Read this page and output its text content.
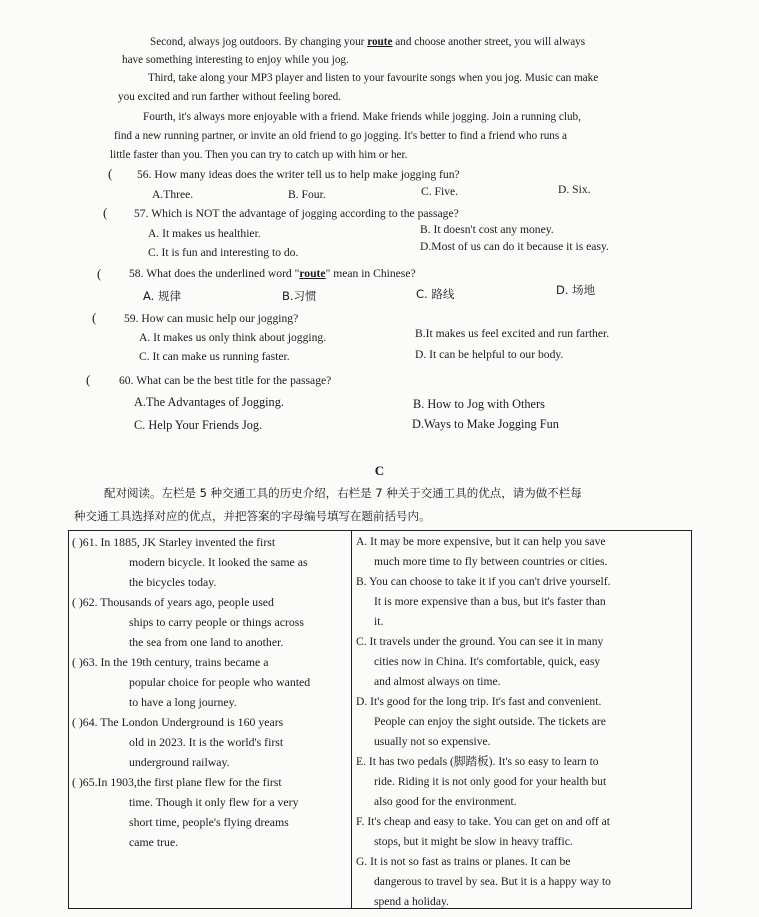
Second, always jog outdoors. By changing your route and choose another street, you will always
have something interesting to enjoy while you jog.
Third, take along your MP3 player and listen to your favourite songs when you jog. Music can make
you excited and run farther without feeling bored.
Fourth, it's always more enjoyable with a friend. Make friends while jogging. Join a running club,
find a new running partner, or invite an old friend to go jogging. It's better to find a friend who runs a
little faster than you. Then you can try to catch up with him or her.
( 56. How many ideas does the writer tell us to help make jogging fun?
A.Three.	B. Four.	C. Five.	D. Six.
( 57. Which is NOT the advantage of jogging according to the passage?
A. It makes us healthier.	B. It doesn't cost any money.
C. It is fun and interesting to do.	D.Most of us can do it because it is easy.
( 58. What does the underlined word "route" mean in Chinese?
A. 规律	B.习惯	C. 路线	D. 场地
( 59. How can music help our jogging?
A. It makes us only think about jogging.	B.It makes us feel excited and run farther.
C. It can make us running faster.	D. It can be helpful to our body.
( 60. What can be the best title for the passage?
A.The Advantages of Jogging.	B. How to Jog with Others
C. Help Your Friends Jog.	D.Ways to Make Jogging Fun
C
配对阅读。左栏是 5 种交通工具的历史介绍，右栏是 7 种关于交通工具的优点，请为做不栏每
种交通工具选择对应的优点，并把答案的字母编号填写在题前括号内。
( )61. In 1885, JK Starley invented the first
modern bicycle. It looked the same as
the bicycles today.
( )62. Thousands of years ago, people used
ships to carry people or things across
the sea from one land to another.
( )63. In the 19th century, trains became a
popular choice for people who wanted
to have a long journey.
( )64. The London Underground is 160 years
old in 2023. It is the world's first
underground railway.
( )65.In 1903,the first plane flew for the first
time. Though it only flew for a very
short time, people's flying dreams
came true.
A. It may be more expensive, but it can help you save
much more time to fly between countries or cities.
B. You can choose to take it if you can't drive yourself.
It is more expensive than a bus, but it's faster than
it.
C. It travels under the ground. You can see it in many
cities now in China. It's comfortable, quick, easy
and almost always on time.
D. It's good for the long trip. It's fast and convenient.
People can enjoy the sight outside. The tickets are
usually not so expensive.
E. It has two pedals (脚踏板). It's so easy to learn to
ride. Riding it is not only good for your health but
also good for the environment.
F. It's cheap and easy to take. You can get on and off at
stops, but it might be slow in heavy traffic.
G. It is not so fast as trains or planes. It can be
dangerous to travel by sea. But it is a happy way to
spend a holiday.
